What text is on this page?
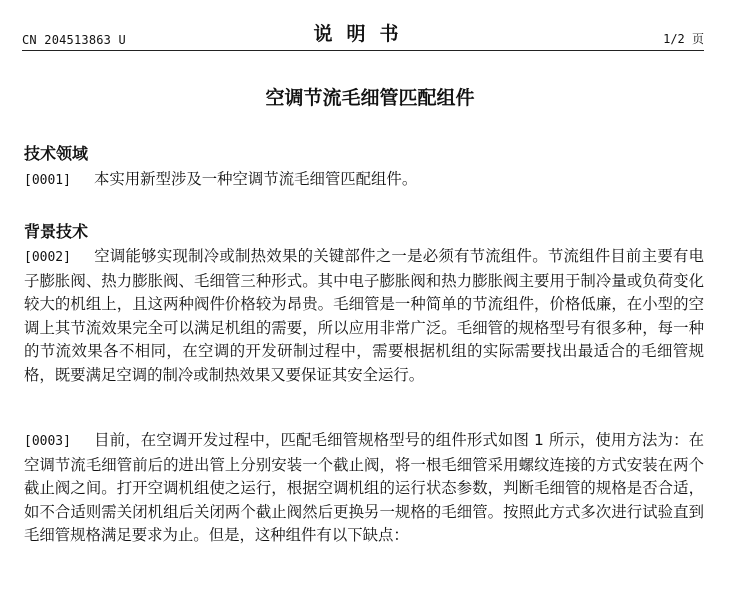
CN 204513863 U	说明书	1/2 页
空调节流毛细管匹配组件
技术领域
[0001] 本实用新型涉及一种空调节流毛细管匹配组件。
背景技术
[0002] 空调能够实现制冷或制热效果的关键部件之一是必须有节流组件。节流组件目前主要有电子膨胀阀、热力膨胀阀、毛细管三种形式。其中电子膨胀阀和热力膨胀阀主要用于制冷量或负荷变化较大的机组上，且这两种阀件价格较为昂贵。毛细管是一种简单的节流组件，价格低廉，在小型的空调上其节流效果完全可以满足机组的需要，所以应用非常广泛。毛细管的规格型号有很多种，每一种的节流效果各不相同，在空调的开发研制过程中，需要根据机组的实际需要找出最适合的毛细管规格，既要满足空调的制冷或制热效果又要保证其安全运行。
[0003] 目前，在空调开发过程中，匹配毛细管规格型号的组件形式如图 1 所示，使用方法为：在空调节流毛细管前后的进出管上分别安装一个截止阀，将一根毛细管采用螺纹连接的方式安装在两个截止阀之间。打开空调机组使之运行，根据空调机组的运行状态参数，判断毛细管的规格是否合适，如不合适则需关闭机组后关闭两个截止阀然后更换另一规格的毛细管。按照此方式多次进行试验直到毛细管规格满足要求为止。但是，这种组件有以下缺点：
